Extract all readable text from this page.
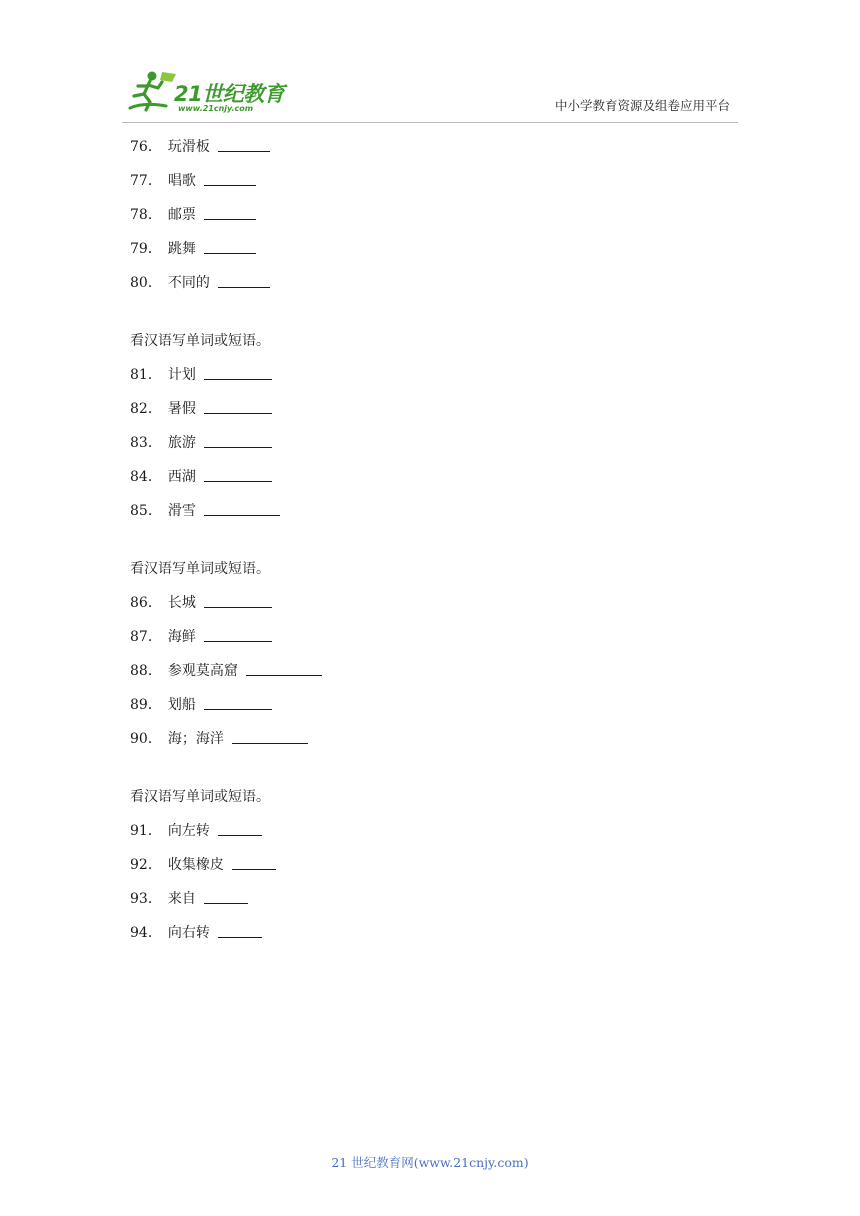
21世纪教育
www.21cnjy.com	中小学教育资源及组卷应用平台
76． 玩滑板
77． 唱歌
78． 邮票
79． 跳舞
80． 不同的
看汉语写单词或短语。
81． 计划
82． 暑假
83． 旅游
84． 西湖
85． 滑雪
看汉语写单词或短语。
86． 长城
87． 海鲜
88． 参观莫高窟
89． 划船
90． 海；海洋
看汉语写单词或短语。
91． 向左转
92． 收集橡皮
93． 来自
94． 向右转
21 世纪教育网(www.21cnjy.com)
